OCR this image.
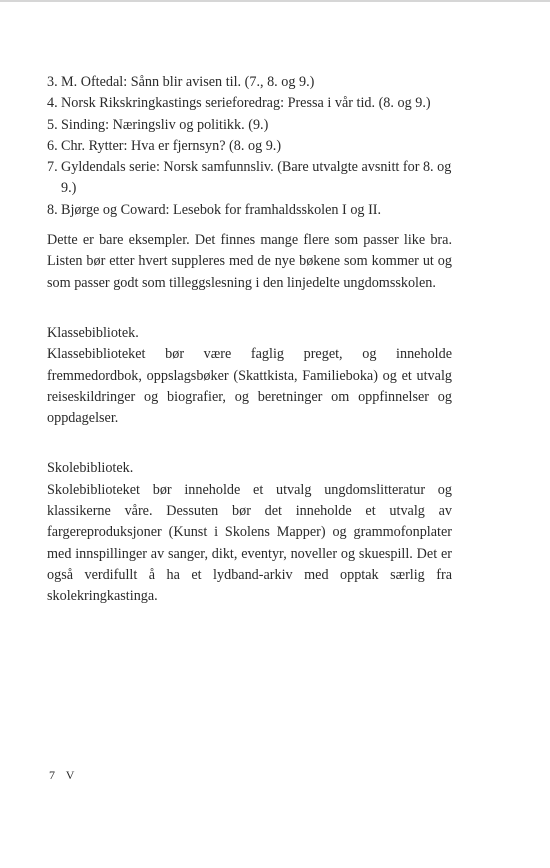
3. M. Oftedal: Sånn blir avisen til. (7., 8. og 9.)
4. Norsk Rikskringkastings serieforedrag: Pressa i vår tid. (8. og 9.)
5. Sinding: Næringsliv og politikk. (9.)
6. Chr. Rytter: Hva er fjernsyn? (8. og 9.)
7. Gyldendals serie: Norsk samfunnsliv. (Bare utvalgte avsnitt for 8. og 9.)
8. Bjørge og Coward: Lesebok for framhaldsskolen I og II.

Dette er bare eksempler. Det finnes mange flere som passer like bra. Listen bør etter hvert suppleres med de nye bøkene som kommer ut og som passer godt som tilleggslesning i den linjedelte ungdomsskolen.

Klassebibliotek.

Klassebiblioteket bør være faglig preget, og inneholde fremmedordbok, oppslagsbøker (Skattkista, Familieboka) og et utvalg reiseskildringer og biografier, og beretninger om oppfinnelser og oppdagelser.

Skolebibliotek.

Skolebiblioteket bør inneholde et utvalg ungdomslitteratur og klassikerne våre. Dessuten bør det inneholde et utvalg av fargereproduksjoner (Kunst i Skolens Mapper) og grammofonplater med innspillinger av sanger, dikt, eventyr, noveller og skuespill. Det er også verdifullt å ha et lydband-arkiv med opptak særlig fra skolekringkastinga.

7 V
